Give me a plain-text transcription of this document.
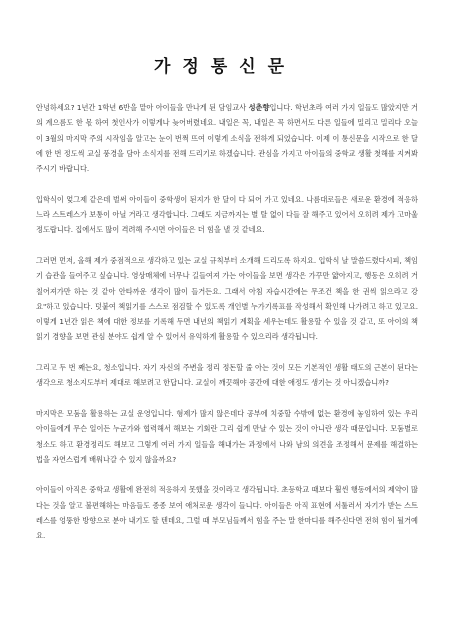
가정통신문

안녕하세요? 1년간 1학년 6반을 맡아 아이들을 만나게 된 담임교사 성춘향입니다. 학년초라 여러 가지 일들도 많았지만 거의 계으름도 한 몫 하여 첫인사가 이렇게나 늦어버렸네요. 내일은 꼭, 내일은 꼭 하면서도 다른 일들에 밀리고 밀리다 오늘이 3월의 마지막 주의 시작임을 알고는 눈이 번쩍 뜨여 이렇게 소식을 전하게 되었습니다. 이제 이 통신문을 시작으로 한 달에 한 번 정도씩 교실 풍경을 담아 소식지를 전해 드리기로 하겠습니다. 관심을 가지고 아이들의 중학교 생활 첫해를 지켜봐 주시기 바랍니다.

입학식이 엊그제 같은데 벌써 아이들이 중학생이 된지가 한 달이 다 되어 가고 있네요. 나름대로들은 새로운 환경에 적응하느라 스트레스가 보통이 아닐 거라고 생각합니다. 그래도 지금까지는 별 탈 없이 다들 잘 해주고 있어서 오히려 제가 고마울 정도랍니다. 집에서도 많이 격려해 주시면 아이들은 더 힘을 낼 것 같네요.

그러면 먼저, 올해 제가 중점적으로 생각하고 있는 교실 규칙부터 소개해 드리도록 하지요. 입학식 날 말씀드렸다시피, 책임기 습관을 들여주고 싶습니다. 영상매체에 너무나 길들여져 가는 아이들을 보면 생각은 가꾸만 얇아지고, 행동은 오히려 거칠어져가만 하는 것 같아 안타까운 생각이 많이 들거든요. 그래서 아침 자습시간에는 무조건 책을 한 권씩 읽으라고 강요"하고 있습니다. 덧붙여 책읽기를 스스로 점검할 수 있도록 개인별 누가기록표를 작성해서 확인해 나가려고 하고 있고요. 이렇게 1년간 읽은 책에 대한 정보를 기록해 두면 내년의 책읽기 계획을 세우는데도 활용할 수 있을 것 같고, 또 아이의 책읽기 경향을 보면 관심 분야도 쉽게 알 수 있어서 유익하게 활용할 수 있으리라 생각됩니다.

그리고 두 번 째는요, 청소입니다. 자기 자신의 주변을 정리 정돈할 줄 아는 것이 모든 기본적인 생활 태도의 근본이 된다는 생각으로 청소지도부터 제대로 해보려고 한답니다. 교실이 깨끗해야 공간에 대한 애정도 생기는 것 아니겠습니까?

마지막은 모둠을 활용하는 교실 운영입니다. 형제가 많지 않은데다 공부에 치중할 수밖에 없는 환경에 놓임하여 있는 우리 아이들에게 무슨 일이든 누군가와 협력해서 해보는 기회란 그리 쉽게 만날 수 있는 것이 아니란 생각 때문입니다. 모둠별로 청소도 하고 환경정리도 해보고 그렇게 여러 가지 일들을 해내가는 과정에서 나와 남의 의견을 조정해서 문제를 해결하는 법을 자연스럽게 배워나갈 수 있지 않을까요?

아이들이 아직은 중학교 생활에 완전히 적응하지 못했을 것이라고 생각됩니다. 초등학교 때보다 훨씬 행동에서의 제약이 많다는 것을 알고 불편해하는 마음들도 종종 보여 애처로운 생각이 들니다. 아이들은 아직 표현에 서툴러서 자기가 받는 스트레스를 엉뚱한 방향으로 분아 내기도 할 텐데요, 그럴 때 부모님들께서 힘을 주는 말 한마디를 해주신다면 전혀 힘이 될거예요.
